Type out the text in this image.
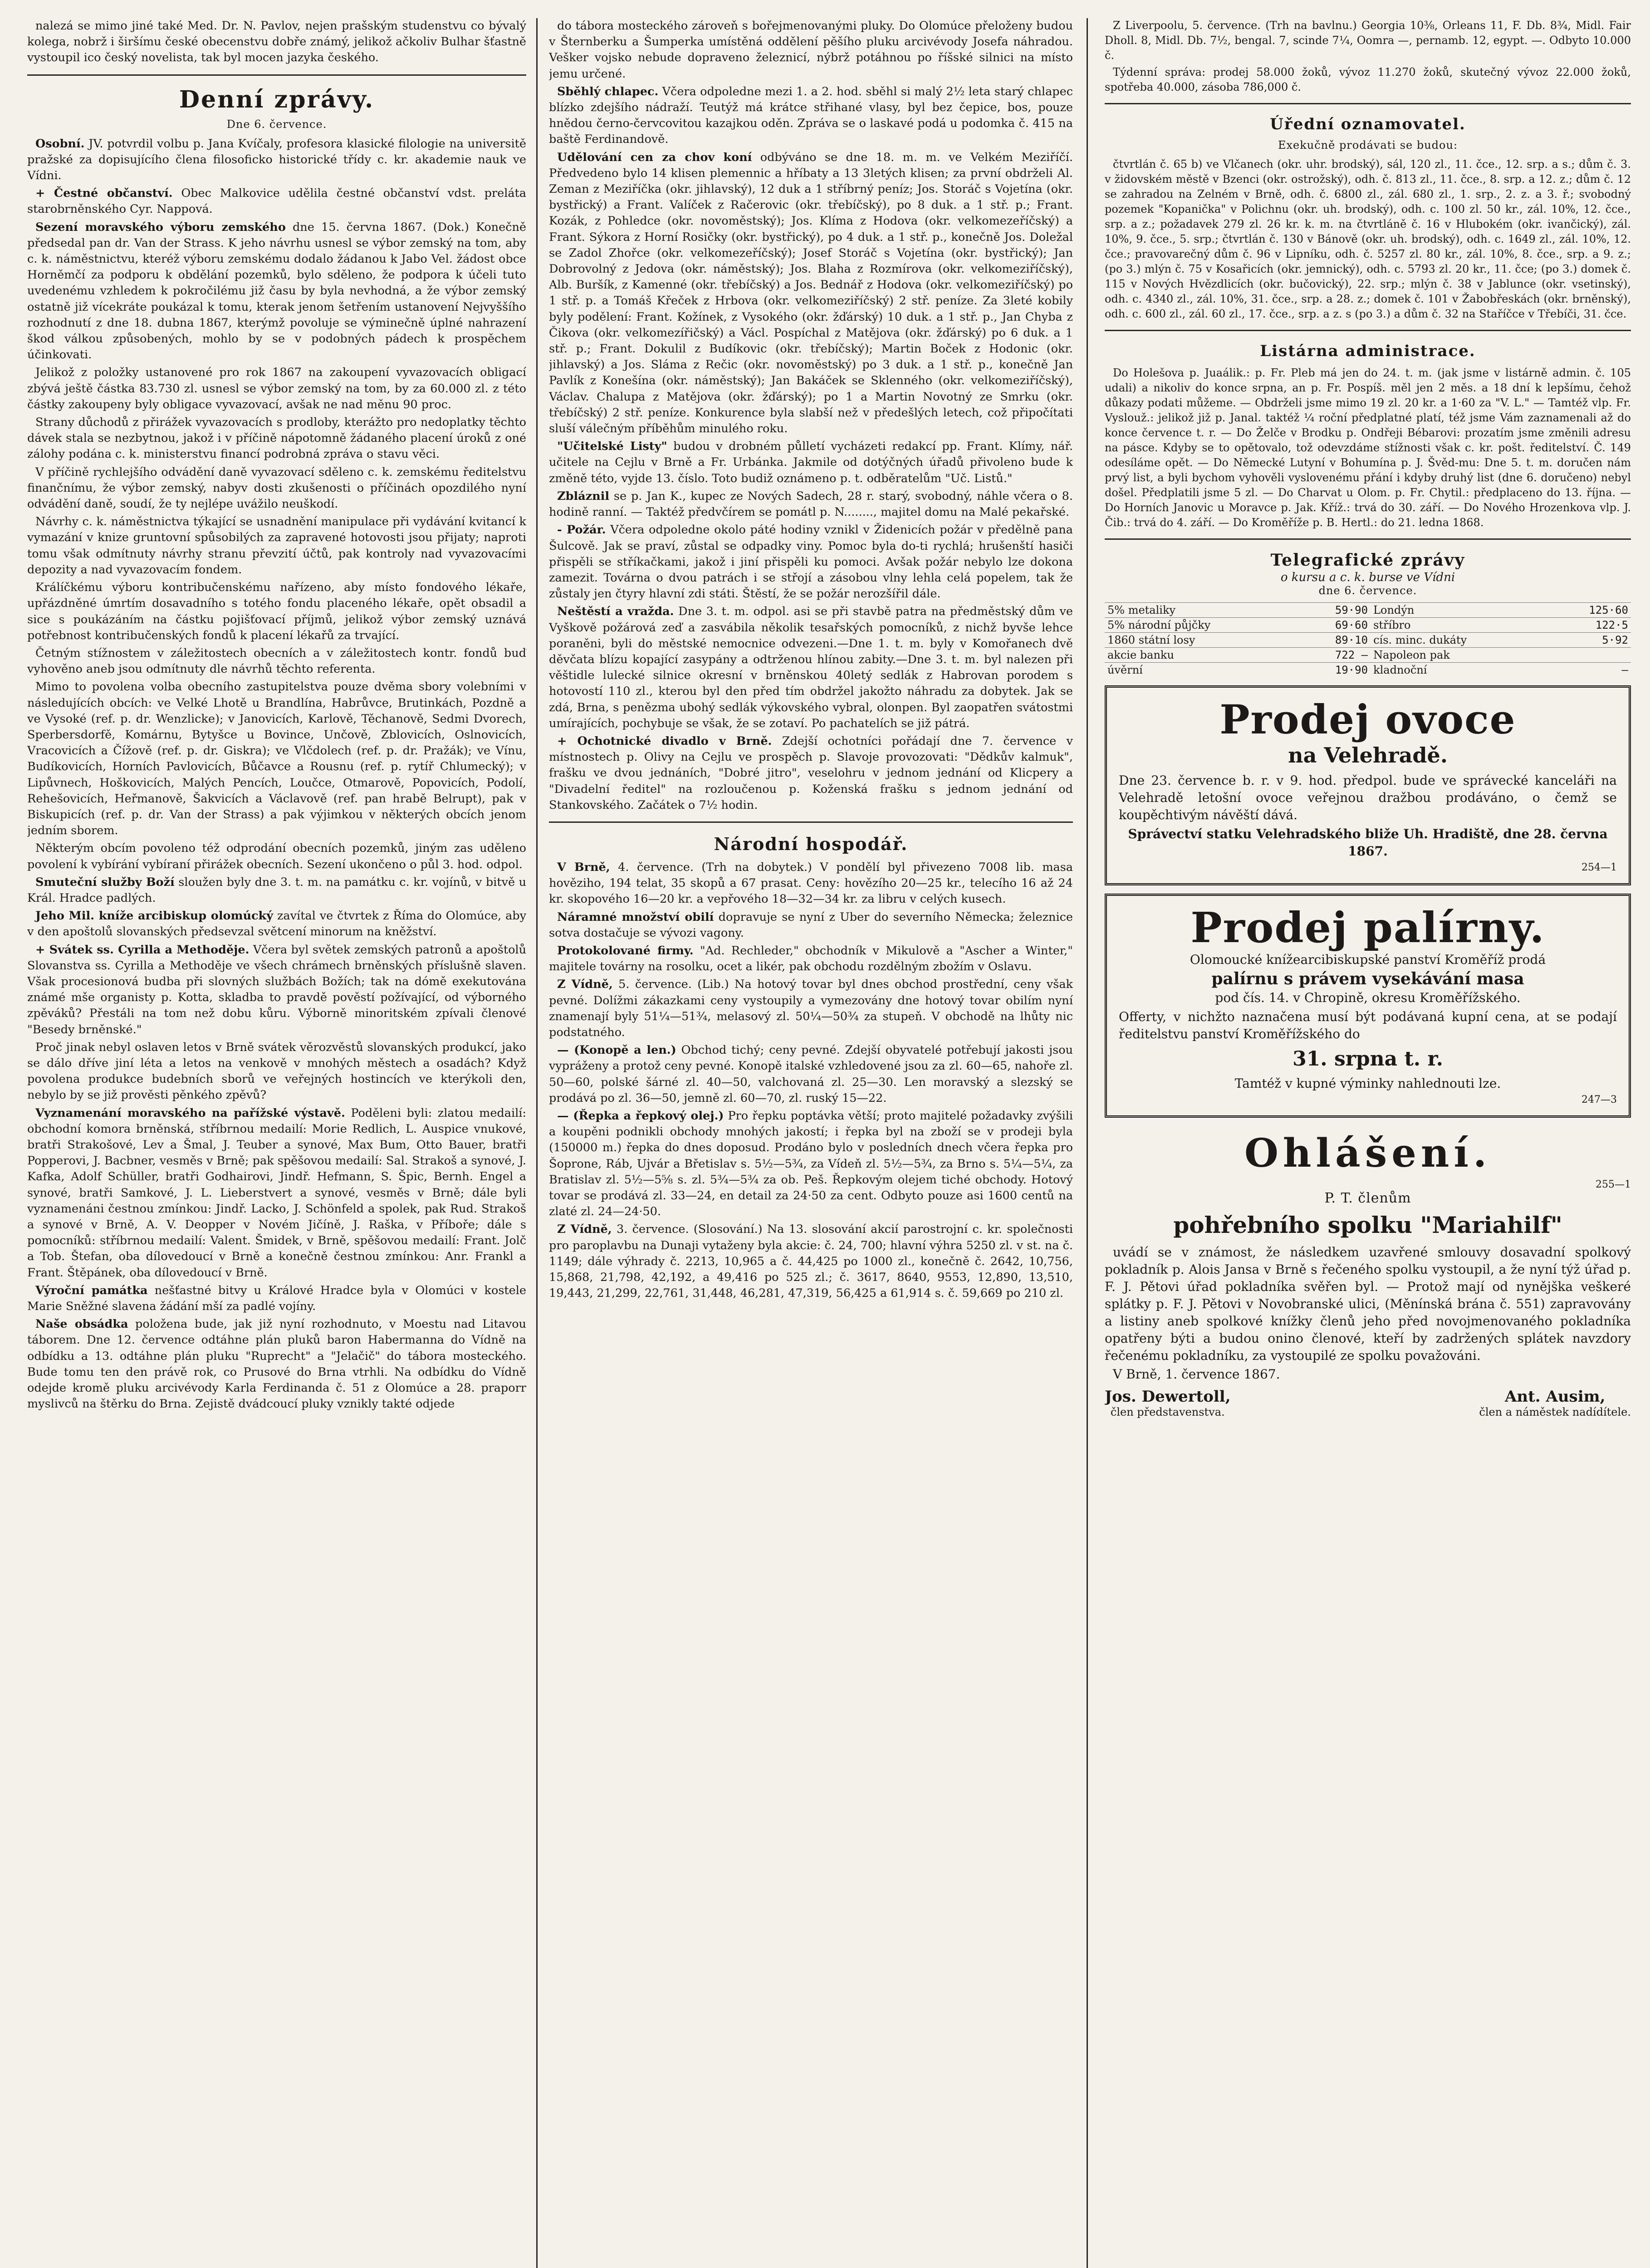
nalezá se mimo jiné také Med. Dr. N. Pavlov, nejen prašským studenstvu co bývalý kolega, nobrž i širšímu české obecenstvu dobře známý, jelikož ačkoliv Bulhar šťastně vystoupil ico český novelista, tak byl mocen jazyka českého.

Denní zprávy.
Dne 6. července.

Osobní. JV. potvrdil volbu p. Jana Kvíčaly, profesora klasické filologie na universitě pražské za dopisujícího člena filosoficko historické třídy c. kr. akademie nauk ve Vídni.

+ Čestné občanství. Obec Malkovice udělila čestné občanství vdst. preláta starobrněnského Cyr. Nappová.

Sezení moravského výboru zemského dne 15. června 1867. (Dok.) Konečně předsedal pan dr. Van der Strass. K jeho návrhu usnesl se výbor zemský na tom, aby c. k. náměstnictvu, kteréž výboru zemskému dodalo žádanou k Jabo Vel. žádost obce Horněmčí za podporu k obdělání pozemků, bylo sděleno, že podpora k účeli tuto uvedenému vzhledem k pokročilému již času by byla nevhodná, a že výbor zemský ostatně již vícekráte poukázal k tomu, kterak jenom šetřením ustanovení Nejvyššího rozhodnutí z dne 18. dubna 1867, kterýmž povoluje se výminečně úplné nahrazení škod válkou způsobených, mohlo by se v podobných pádech k prospěchem účinkovati.

Jelikož z položky ustanovené pro rok 1867 na zakoupení vyvazovacích obligací zbývá ještě částka 83.730 zl. usnesl se výbor zemský na tom, by za 60.000 zl. z této částky zakoupeny byly obligace vyvazovací, avšak ne nad měnu 90 proc.

Strany důchodů z přirážek vyvazovacích s prodloby, kterážto pro nedoplatky těchto dávek stala se nezbytnou, jakož i v příčině nápotomně žádaného placení úroků z oné zálohy podána c. k. ministerstvu financí podrobná zpráva o stavu věci.

V příčině rychlejšího odvádění daně vyvazovací sděleno c. k. zemskému ředitelstvu finančnímu, že výbor zemský, nabyv dosti zkušenosti o příčinách opozdilého nyní odvádění daně, soudí, že ty nejlépe uvážilo neuškodí.

Návrhy c. k. náměstnictva týkající se usnadnění manipulace při vydávání kvitancí k vymazání v knize gruntovní spůsobilých za zapravené hotovosti jsou přijaty; naproti tomu však odmítnuty návrhy stranu převzití účtů, pak kontroly nad vyvazovacími depozity a nad vyvazovacím fondem.

Králíčkému výboru kontribučenskému nařízeno, aby místo fondového lékaře, upřázdněné úmrtím dosavadního s totého fondu placeného lékaře, opět obsadil a sice s poukázáním na částku pojišťovací příjmů, jelikož výbor zemský uznává potřebnost kontribučenských fondů k placení lékařů za trvající.

Četným stížnostem v záležitostech obecních a v záležitostech kontr. fondů buď vyhověno aneb jsou odmítnuty dle návrhů těchto referenta.

Mimo to povolena volba obecního zastupitelstva pouze dvěma sbory volebními v následujících obcích: ve Velké Lhotě u Brandlína, Habrůvce, Brutinkách, Pozdně a ve Vysoké (ref. p. dr. Wenzlicke); v Janovicích, Karlově, Těchanově, Sedmi Dvorech, Sperbersdorfě, Komárnu, Bytyšce u Bovince, Unčově, Zblovicích, Oslnovicích, Vracovicích a Čížově (ref. p. dr. Giskra); ve Vlčdolech (ref. p. dr. Pražák); ve Vínu, Budíkovicích, Horních Pavlovicích, Bůčavce a Rousnu (ref. p. rytíř Chlumecký); v Lipůvnech, Hoškovicích, Malých Pencích, Loučce, Otmarově, Popovicích, Podolí, Rehešovicích, Heřmanově, Šakvicích a Václavově (ref. pan hrabě Belrupt), pak v Biskupicích (ref. p. dr. Van der Strass) a pak výjimkou v některých obcích jenom jedním sborem.

Některým obcím povoleno též odprodání obecních pozemků, jiným zas uděleno povolení k vybírání vybíraní přirážek obecních. Sezení ukončeno o půl 3. hod. odpol.

Smuteční služby Boží sloužen byly dne 3. t. m. na památku c. kr. vojínů, v bitvě u Král. Hradce padlých.

Jeho Mil. kníže arcibiskup olomúcký zavítal ve čtvrtek z Říma do Olomúce, aby v den apoštolů slovanských předsevzal světcení minorum na kněžství.

+ Svátek ss. Cyrilla a Methoděje. Včera byl světek zemských patronů a apoštolů Slovanstva ss. Cyrilla a Methoděje ve všech chrámech brněnských příslušně slaven. Však procesionová budba při slovných službách Božích; tak na dómě exekutována známé mše organisty p. Kotta, skladba to pravdě pověstí požívající, od výborného zpěváků? Přestáli na tom než dobu kůru. Výborně minoritském zpívali členové "Besedy brněnské."

Proč jinak nebyl oslaven letos v Brně svátek věrozvěstů slovanských produkcí, jako se dálo dříve jiní léta a letos na venkově v mnohých městech a osadách? Když povolena produkce budebních sborů ve veřejných hostincích ve kterýkoli den, nebylo by se již prověsti pěnkého zpěvů?

Vyznamenání moravského na pařížské výstavě. Poděleni byli: zlatou medailí: obchodní komora brněnská, stříbrnou medailí: Morie Redlich, L. Auspice vnukové, bratři Strakošové, Lev a Šmal, J. Teuber a synové, Max Bum, Otto Bauer, bratři Popperovi, J. Bacbner, vesměs v Brně; pak spěšovou medailí: Sal. Strakoš a synové, J. Kafka, Adolf Schüller, bratři Godhairovi, Jindř. Hefmann, S. Špic, Bernh. Engel a synové, bratři Samkové, J. L. Lieberstvert a synové, vesměs v Brně; dále byli vyznamenáni čestnou zmínkou: Jindř. Lacko, J. Schönfeld a spolek, pak Rud. Strakoš a synové v Brně, A. V. Deopper v Novém Jičíně, J. Raška, v Příboře; dále s pomocníků: stříbrnou medailí: Valent. Šmidek, v Brně, spěšovou medailí: Frant. Jolč a Tob. Štefan, oba dílovedoucí v Brně a konečně čestnou zmínkou: Anr. Frankl a Frant. Štěpánek, oba dílovedoucí v Brně.

Výroční památka nešťastné bitvy u Králové Hradce byla v Olomúci v kostele Marie Sněžné slavena žádání mší za padlé vojíny.

Naše obsádka položena bude, jak již nyní rozhodnuto, v Moestu nad Litavou táborem. Dne 12. července odtáhne plán pluků baron Habermanna do Vídně na odbídku a 13. odtáhne plán pluku "Ruprecht" a "Jelačič" do tábora mosteckého. Bude tomu ten den právě rok, co Prusové do Brna vtrhli. Na odbídku do Vídně odejde kromě pluku arcivévody Karla Ferdinanda č. 51 z Olomúce a 28. praporr myslivců na štěrku do Brna. Zejistě dvádcoucí pluky vznikly takté odjede

do tábora mosteckého zároveň s bořejmenovanými pluky. Do Olomúce přeloženy budou v Šternberku a Šumperka umístěná oddělení pěšího pluku arcivévody Josefa náhradou. Vešker vojsko nebude dopraveno železnicí, nýbrž potáhnou po říšské silnici na místo jemu určené.

Sběhlý chlapec. Včera odpoledne mezi 1. a 2. hod. sběhl si malý 2½ leta starý chlapec blízko zdejšího nádraží. Teutýž má krátce střihané vlasy, byl bez čepice, bos, pouze hnědou černo-červcovitou kazajkou oděn. Zpráva se o laskavé podá u podomka č. 415 na baště Ferdinandově.

Udělování cen za chov koní odbýváno se dne 18. m. m. ve Velkém Meziříčí. Předvedeno bylo 14 klisen plemennic a hříbaty a 13 3letých klisen; za první obdrželi Al. Zeman z Meziříčka (okr. jihlavský), 12 duk a 1 stříbrný peníz; Jos. Storáč s Vojetína (okr. bystřický) a Frant. Valíček z Račerovic (okr. třebíčský), po 8 duk. a 1 stř. p.; Frant. Kozák, z Pohledce (okr. novoměstský); Jos. Klíma z Hodova (okr. velkomezeříčský) a Frant. Sýkora z Horní Rosičky (okr. bystřický), po 4 duk. a 1 stř. p., konečně Jos. Doležal se Zadol Zhořce (okr. velkomezeříčský); Josef Storáč s Vojetína (okr. bystřický); Jan Dobrovolný z Jedova (okr. náměstský); Jos. Blaha z Rozmírova (okr. velkomeziříčský), Alb. Buršík, z Kamenné (okr. třebíčský) a Jos. Bednář z Hodova (okr. velkomeziříčský) po 1 stř. p. a Tomáš Křeček z Hrbova (okr. velkomeziříčský) 2 stř. peníze. Za 3leté kobily byly podělení: Frant. Kožínek, z Vysokého (okr. žďárský) 10 duk. a 1 stř. p., Jan Chyba z Čikova (okr. velkomezířičský) a Václ. Pospíchal z Matějova (okr. žďárský) po 6 duk. a 1 stř. p.; Frant. Dokulil z Budíkovic (okr. třebíčský); Martin Boček z Hodonic (okr. jihlavský) a Jos. Sláma z Rečic (okr. novoměstský) po 3 duk. a 1 stř. p., konečně Jan Pavlík z Konešína (okr. náměstský); Jan Bakáček se Sklenného (okr. velkomeziříčský), Václav. Chalupa z Matějova (okr. žďárský); po 1 a Martin Novotný ze Smrku (okr. třebíčský) 2 stř. peníze. Konkurence byla slabší než v předešlých letech, což připočítati sluší válečným příběhům minulého roku.

"Učitelské Listy" budou v drobném půlletí vycházeti redakcí pp. Frant. Klímy, nář. učitele na Cejlu v Brně a Fr. Urbánka. Jakmile od dotýčných úřadů přivoleno bude k změně této, vyjde 13. číslo. Toto budiž oznámeno p. t. odběratelům "Uč. Listů."

Zbláznil se p. Jan K., kupec ze Nových Sadech, 28 r. starý, svobodný, náhle včera o 8. hodině ranní. — Taktéž předvčírem se pomátl p. N........, majitel domu na Malé pekařské.

- Požár. Včera odpoledne okolo páté hodiny vznikl v Židenicích požár v předělně pana Šulcově. Jak se praví, zůstal se odpadky viny. Pomoc byla do-ti rychlá; hrušenští hasiči přispěli se stříkačkami, jakož i jiní přispěli ku pomoci. Avšak požár nebylo lze dokona zamezit. Továrna o dvou patrách i se střojí a zásobou vlny lehla celá popelem, tak že zůstaly jen čtyry hlavní zdi státi. Štěstí, že se požár nerozšířil dále.

Neštěstí a vražda. Dne 3. t. m. odpol. asi se při stavbě patra na předměstský dům ve Vyškově požárová zeď a zasvábila několik tesařských pomocníků, z nichž byvše lehce poraněni, byli do městské nemocnice odvezeni.—Dne 1. t. m. byly v Komořanech dvě děvčata blízu kopající zasypány a odtrženou hlínou zabity.—Dne 3. t. m. byl nalezen při věštidle lulecké silnice okresní v brněnskou 40letý sedlák z Habrovan porodem s hotovostí 110 zl., kterou byl den před tím obdržel jakožto náhradu za dobytek. Jak se zdá, Brna, s penězma ubohý sedlák výkovského vybral, olonpen. Byl zaopatřen svátostmi umírajících, pochybuje se však, že se zotaví. Po pachatelích se již pátrá.

+ Ochotnické divadlo v Brně. Zdejší ochotníci pořádají dne 7. července v místnostech p. Olivy na Cejlu ve prospěch p. Slavoje provozovati: "Dědkův kalmuk", frašku ve dvou jednáních, "Dobré jitro", veselohru v jednom jednání od Klicpery a "Divadelní ředitel" na rozloučenou p. Koženská frašku s jednom jednání od Stankovského. Začátek o 7½ hodin.

Národní hospodář.

V Brně, 4. července. (Trh na dobytek.) V pondělí byl přivezeno 7008 lib. masa hověziho, 194 telat, 35 skopů a 67 prasat. Ceny: hovězího 20—25 kr., telecího 16 až 24 kr. skopového 16—20 kr. a vepřového 18—32—34 kr. za libru v celých kusech.

Náramné množství obilí dopravuje se nyní z Uber do severního Německa; železnice sotva dostačuje se vývozi vagony.

Protokolované firmy. "Ad. Rechleder," obchodník v Mikulově a "Ascher a Winter," majitele továrny na rosolku, ocet a likér, pak obchodu rozdělným zbožím v Oslavu.

Z Vídně, 5. července. (Lib.) Na hotový tovar byl dnes obchod prostřední, ceny však pevné. Dolížmi zákazkami ceny vystoupily a vymezovány dne hotový tovar obilím nyní znamenají byly 51¼—51¾, melasový zl. 50¼—50¾ za stupeň. V obchodě na lhůty nic podstatného.

— (Konopě a len.) Obchod tichý; ceny pevné. Zdejší obyvatelé potřebují jakosti jsou vypráženy a protož ceny pevné. Konopě italské vzhledovené jsou za zl. 60—65, nahoře zl. 50—60, polské šárné zl. 40—50, valchovaná zl. 25—30. Len moravský a slezský se prodává po zl. 36—50, jemně zl. 60—70, zl. ruský 15—22.

— (Řepka a řepkový olej.) Pro řepku poptávka větší; proto majitelé požadavky zvýšili a koupěni podnikli obchody mnohých jakostí; i řepka byl na zboží se v prodeji byla (150000 m.) řepka do dnes doposud. Prodáno bylo v posledních dnech včera řepka pro Šoprone, Ráb, Ujvár a Břetislav s. 5½—5¾, za Vídeň zl. 5½—5¾, za Brno s. 5¼—5¼, za Bratislav zl. 5½—5⅝ s. zl. 5¾—5¾ za ob. Peš. Řepkovým olejem tiché obchody. Hotový tovar se prodává zl. 33—24, en detail za 24·50 za cent. Odbyto pouze asi 1600 centů na zlaté zl. 24—24·50.

Z Vídně, 3. července. (Slosování.) Na 13. slosování akcií parostrojní c. kr. společnosti pro paroplavbu na Dunaji vytaženy byla akcie: č. 24, 700; hlavní výhra 5250 zl. v st. na č. 1149; dále výhrady č. 2213, 10,965 a č. 44,425 po 1000 zl., konečně č. 2642, 10,756, 15,868, 21,798, 42,192, a 49,416 po 525 zl.; č. 3617, 8640, 9553, 12,890, 13,510, 19,443, 21,299, 22,761, 31,448, 46,281, 47,319, 56,425 a 61,914 s. č. 59,669 po 210 zl.

Z Liverpoolu, 5. července. (Trh na bavlnu.) Georgia 10⅜, Orleans 11, F. Db. 8¾, Midl. Fair Dholl. 8, Midl. Db. 7½, bengal. 7, scinde 7¼, Oomra —, pernamb. 12, egypt. —. Odbyto 10.000 č.

Týdenní správa: prodej 58.000 žoků, vývoz 11.270 žoků, skutečný vývoz 22.000 žoků, spotřeba 40.000, zásoba 786,000 č.

Úřední oznamovatel.
Exekučně prodávati se budou:

čtvrtlán č. 65 b) ve Vlčanech (okr. uhr. brodský), sál, 120 zl., 11. čce., 12. srp. a s.; dům č. 3. v židovském městě v Bzenci (okr. ostrožský), odh. č. 813 zl., 11. čce., 8. srp. a 12. z.; dům č. 12 se zahradou na Zelném v Brně, odh. č. 6800 zl., zál. 680 zl., 1. srp., 2. z. a 3. ř.; svobodný pozemek "Kopanička" v Polichnu (okr. uh. brodský), odh. c. 100 zl. 50 kr., zál. 10%, 12. čce., srp. a z.; požadavek 279 zl. 26 kr. k. m. na čtvrtláně č. 16 v Hlubokém (okr. ivančický), zál. 10%, 9. čce., 5. srp.; čtvrtlán č. 130 v Bánově (okr. uh. brodský), odh. c. 1649 zl., zál. 10%, 12. čce.; pravovarečný dům č. 96 v Lipníku, odh. č. 5257 zl. 80 kr., zál. 10%, 8. čce., srp. a 9. z.; (po 3.) mlýn č. 75 v Kosařicích (okr. jemnický), odh. c. 5793 zl. 20 kr., 11. čce; (po 3.) domek č. 115 v Nových Hvězdlicích (okr. bučovický), 22. srp.; mlýn č. 38 v Jablunce (okr. vsetinský), odh. c. 4340 zl., zál. 10%, 31. čce., srp. a 28. z.; domek č. 101 v Žabobřeskách (okr. brněnský), odh. c. 600 zl., zál. 60 zl., 17. čce., srp. a z. s (po 3.) a dům č. 32 na Staříčce v Třebíči, 31. čce.

Listárna administrace.

Do Holešova p. Juaálik.: p. Fr. Pleb má jen do 24. t. m. (jak jsme v listárně admin. č. 105 udali) a nikoliv do konce srpna, an p. Fr. Pospíš. měl jen 2 měs. a 18 dní k lepšímu, čehož důkazy podati můžeme. — Obdrželi jsme mimo 19 zl. 20 kr. a 1·60 za "V. L." — Tamtéž vlp. Fr. Vyslouž.: jelikož již p. Janal. taktéž ¼ roční předplatné platí, též jsme Vám zaznamenali až do konce července t. r. — Do Želče v Brodku p. Ondřeji Bébarovi: prozatím jsme změnili adresu na pásce. Kdyby se to opětovalo, tož odevzdáme stížnosti však c. kr. pošt. ředitelství. Č. 149 odesíláme opět. — Do Německé Lutyní v Bohumína p. J. Švěd-mu: Dne 5. t. m. doručen nám prvý list, a byli bychom vyhověli vyslovenému přání i kdyby druhý list (dne 6. doručeno) nebyl došel. Předplatili jsme 5 zl. — Do Charvat u Olom. p. Fr. Chytil.: předplaceno do 13. října. — Do Horních Janovic u Moravce p. Jak. Kříž.: trvá do 30. září. — Do Nového Hrozenkova vlp. J. Čib.: trvá do 4. září. — Do Kroměříže p. B. Hertl.: do 21. ledna 1868.

Telegrafické zprávy
o kursu a c. k. burse ve Vídni
dne 6. července.
5% metaliky	59·90	Londýn	125·60
5% národní půjčky	69·60	stříbro	122·5
1860 státní losy	89·10	cís. minc. dukáty	5·92
akcie banku	722 —	Napoleon pak	
úvěrní	19·90	kladnoční	—
Prodej ovoce
na Velehradě.

Dne 23. července b. r. v 9. hod. předpol. bude ve správecké kanceláři na Velehradě letošní ovoce veřejnou dražbou prodáváno, o čemž se koupěchtivým návěští dává.

Správectví statku Velehradského bliže Uh. Hradiště, dne 28. června 1867.

254—1
Prodej palírny.

Olomoucké knížearcibiskupské panství Kroměříž prodá

palírnu s právem vysekávání masa

pod čís. 14. v Chropině, okresu Kroměřížského.

Offerty, v nichžto naznačena musí být podávaná kupní cena, at se podají ředitelstvu panství Kroměřížského do

31. srpna t. r.

Tamtéž v kupné výminky nahlednouti lze.

247—3
Ohlášení.
255—1
P. T. členům
pohřebního spolku "Mariahilf"

uvádí se v známost, že následkem uzavřené smlouvy dosavadní spolkový pokladník p. Alois Jansa v Brně s řečeného spolku vystoupil, a že nyní týž úřad p. F. J. Pětovi úřad pokladníka svěřen byl. — Protož mají od nynějška veškeré splátky p. F. J. Pětovi v Novobranské ulici, (Měnínská brána č. 551) zapravovány a listiny aneb spolkové knížky členů jeho před novojmenovaného pokladníka opatřeny býti a budou onino členové, kteří by zadržených splátek navzdory řečenému pokladníku, za vystoupilé ze spolku považováni.

V Brně, 1. července 1867.

Jos. Dewertoll,
člen představenstva.
Ant. Ausim,
člen a náměstek nadídítele.
